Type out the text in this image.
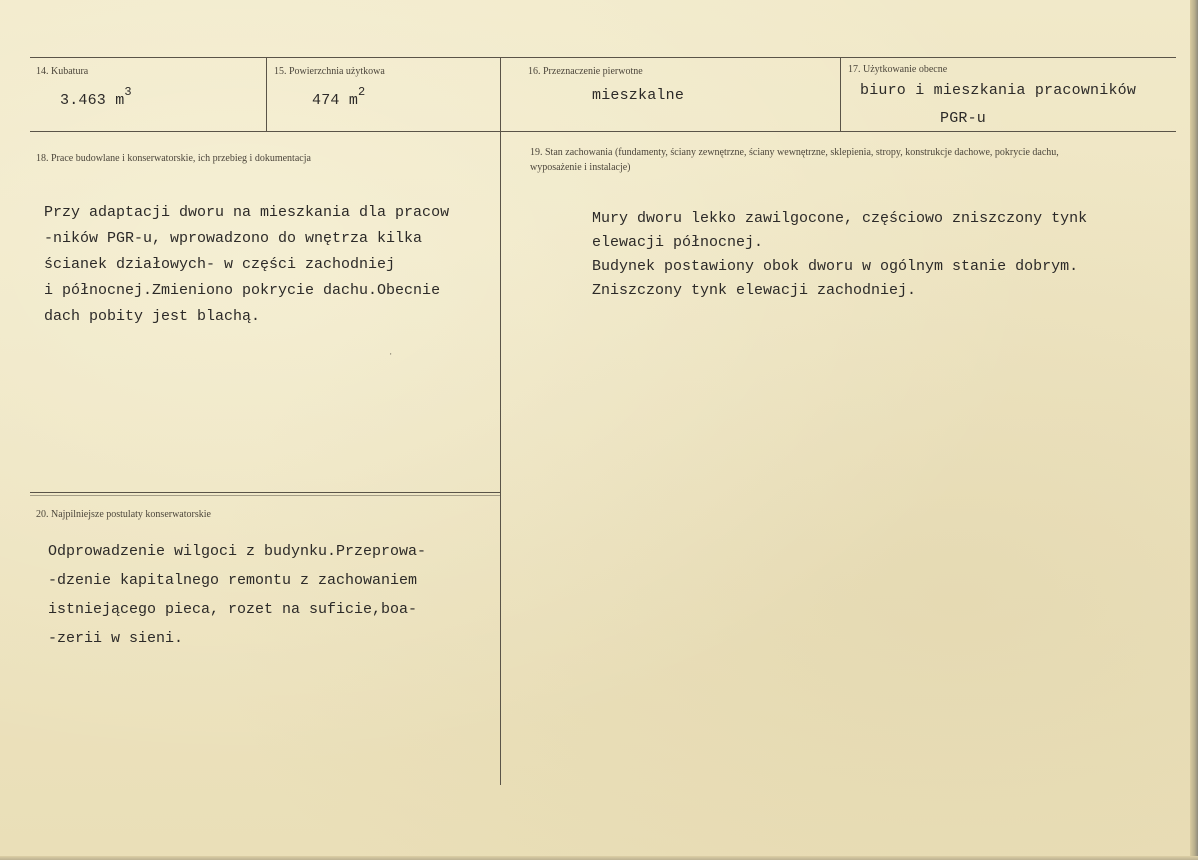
14. Kubatura
3.463 $m^3$
15. Powierzchnia użytkowa
474 $m^2$
16. Przeznaczenie pierwotne
mieszkalne
17. Użytkowanie obecne
biuro i mieszkania pracowników
PGR-u
18. Prace budowlane i konserwatorskie, ich przebieg i dokumentacja
Przy adaptacji dworu na mieszkania dla pracow
-ników PGR-u, wprowadzono do wnętrza kilka
ścianek działowych- w części zachodniej
i północnej.Zmieniono pokrycie dachu.Obecnie
dach pobity jest blachą.
19. Stan zachowania (fundamenty, ściany zewnętrzne, ściany wewnętrzne, sklepienia, stropy, konstrukcje dachowe, pokrycie dachu, wyposażenie i instalacje)
Mury dworu lekko zawilgocone, częściowo zniszczony tynk
elewacji północnej.
Budynek postawiony obok dworu w ogólnym stanie dobrym.
Zniszczony tynk elewacji zachodniej.
20. Najpilniejsze postulaty konserwatorskie
Odprowadzenie wilgoci z budynku.Przeprowa-
-dzenie kapitalnego remontu z zachowaniem
istniejącego pieca, rozet na suficie,boa-
-zerii w sieni.
'
